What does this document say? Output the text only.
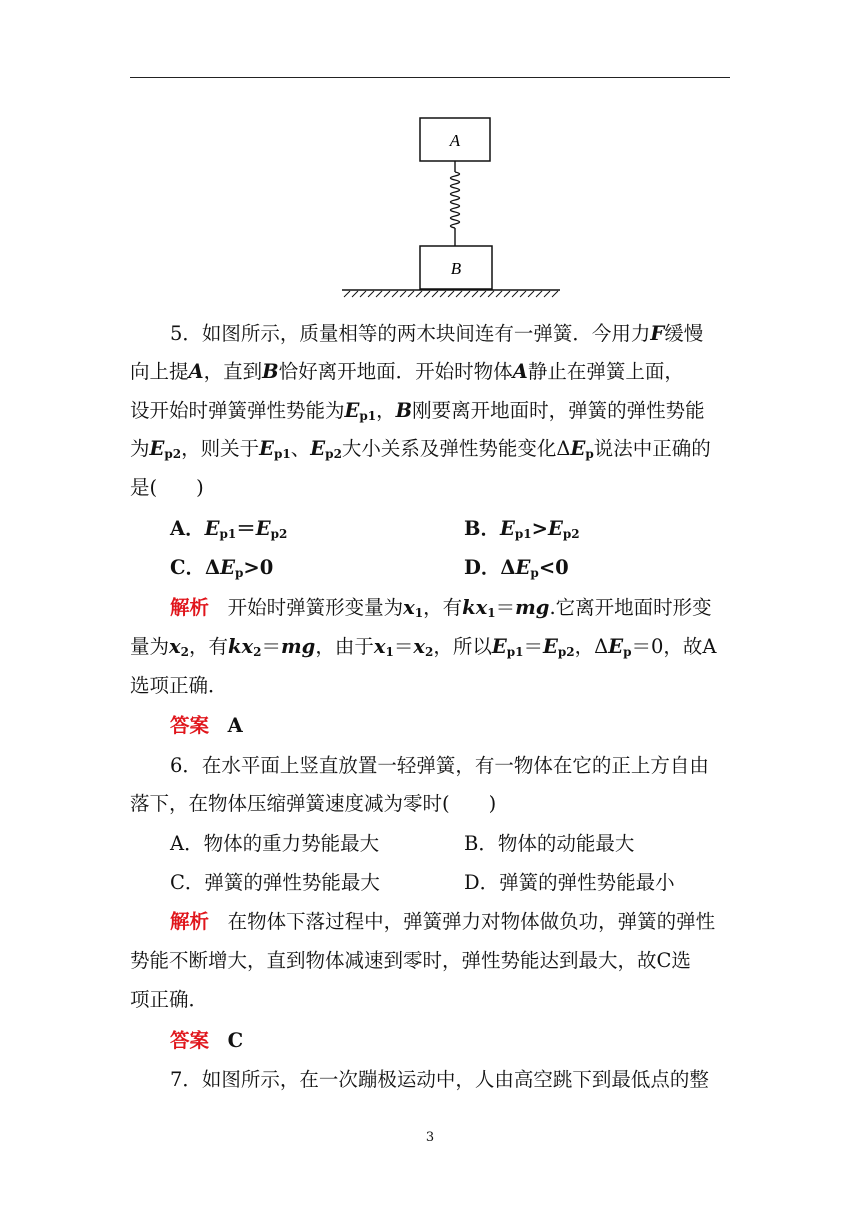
A
B
5．如图所示，质量相等的两木块间连有一弹簧．今用力F缓慢
向上提A，直到B恰好离开地面．开始时物体A静止在弹簧上面，
设开始时弹簧弹性势能为$E_{p1}$，B刚要离开地面时，弹簧的弹性势能
为$E_{p2}$，则关于$E_{p1}$、$E_{p2}$大小关系及弹性势能变化$\Delta E_p$说法中正确的
是(　　)
A．$E_{p1}=E_{p2}$	B．$E_{p1}>E_{p2}$
C．$\Delta E_p>0$	D．$\Delta E_p<0$
解析 开始时弹簧形变量为$x_1$，有$kx_1=mg$.它离开地面时形变
量为$x_2$，有$kx_2=mg$，由于$x_1=x_2$，所以$E_{p1}=E_{p2}$，$\Delta E_p=0$，故A
选项正确．
答案 A
6．在水平面上竖直放置一轻弹簧，有一物体在它的正上方自由
落下，在物体压缩弹簧速度减为零时(　　)
A．物体的重力势能最大	B．物体的动能最大
C．弹簧的弹性势能最大	D．弹簧的弹性势能最小
解析 在物体下落过程中，弹簧弹力对物体做负功，弹簧的弹性
势能不断增大，直到物体减速到零时，弹性势能达到最大，故C选
项正确．
答案 C
7．如图所示，在一次蹦极运动中，人由高空跳下到最低点的整
3
